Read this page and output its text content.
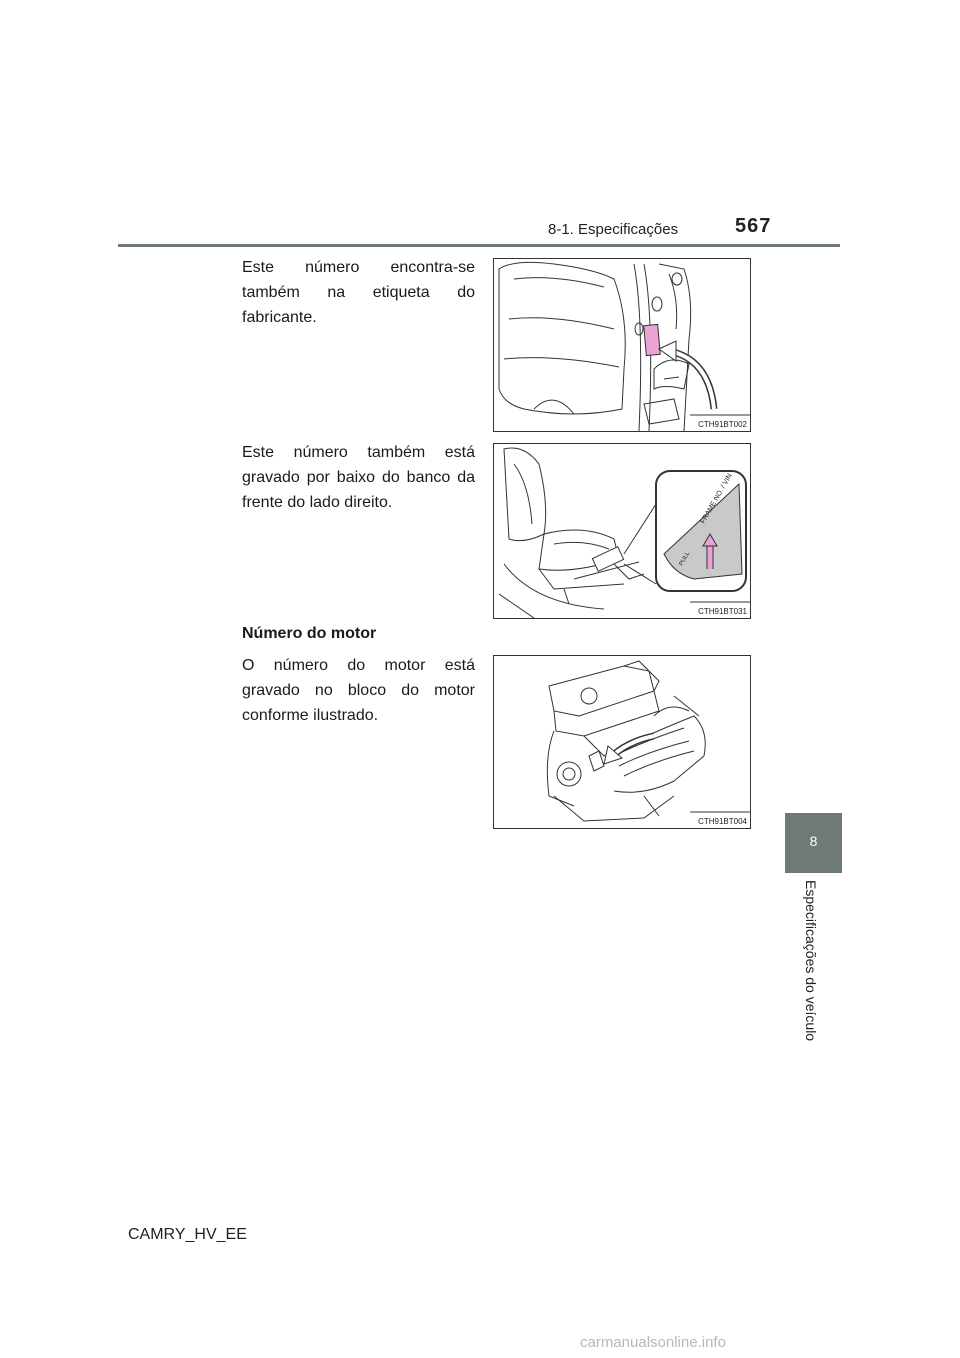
8-1. Especificações	567
Este número encontra-se também na etiqueta do fabricante.
CTH91BT002
Este número também está gravado por baixo do banco da frente do lado direito.	FRAME NO. / VIN
PULL
CTH91BT031
Número do motor
O número do motor está gravado no bloco do motor conforme ilustrado.
CTH91BT004
8
Especificações do veículo
CAMRY_HV_EE
carmanualsonline.info
